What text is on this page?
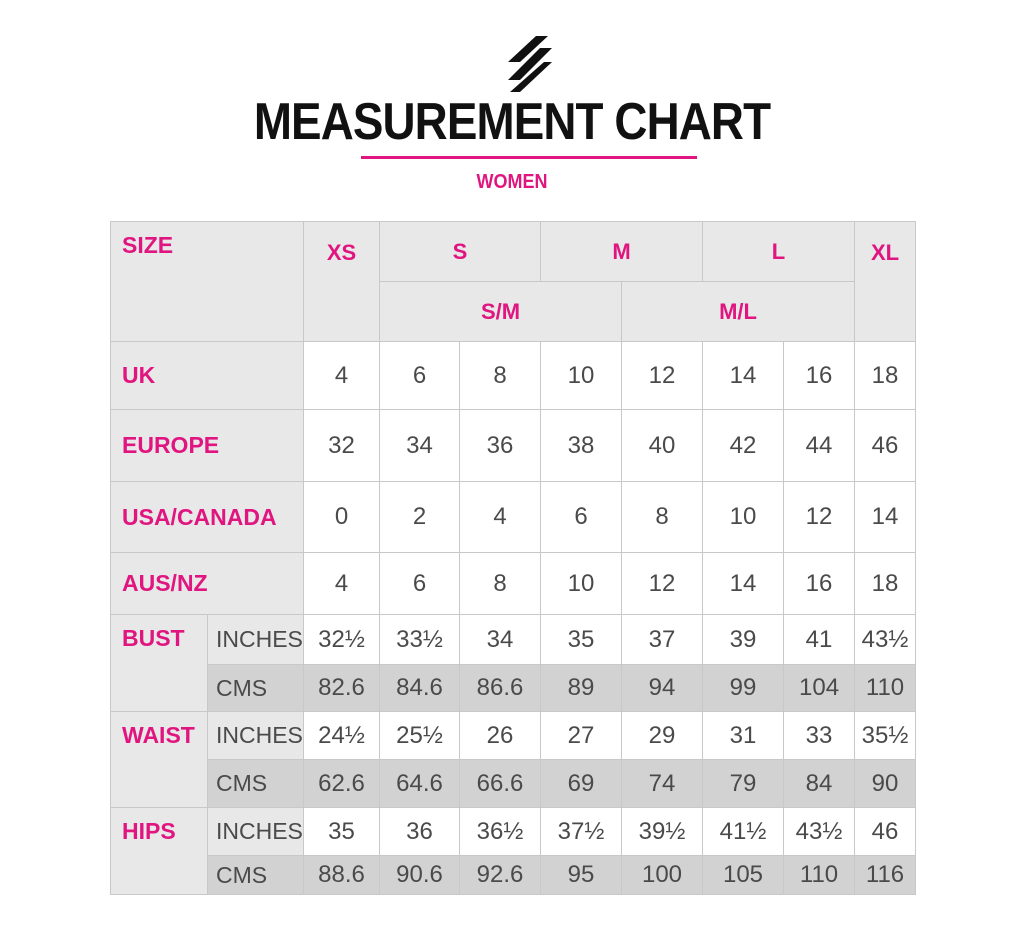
MEASUREMENT CHART
WOMEN
SIZE		XS	S		M		L		XL
			S/M			M/L			
UK		4	6	8	10	12	14	16	18
EUROPE		32	34	36	38	40	42	44	46
USA/CANADA		0	2	4	6	8	10	12	14
AUS/NZ		4	6	8	10	12	14	16	18
BUST	INCHES	32½	33½	34	35	37	39	41	43½
	CMS	82.6	84.6	86.6	89	94	99	104	110
WAIST	INCHES	24½	25½	26	27	29	31	33	35½
	CMS	62.6	64.6	66.6	69	74	79	84	90
HIPS	INCHES	35	36	36½	37½	39½	41½	43½	46
	CMS	88.6	90.6	92.6	95	100	105	110	116
